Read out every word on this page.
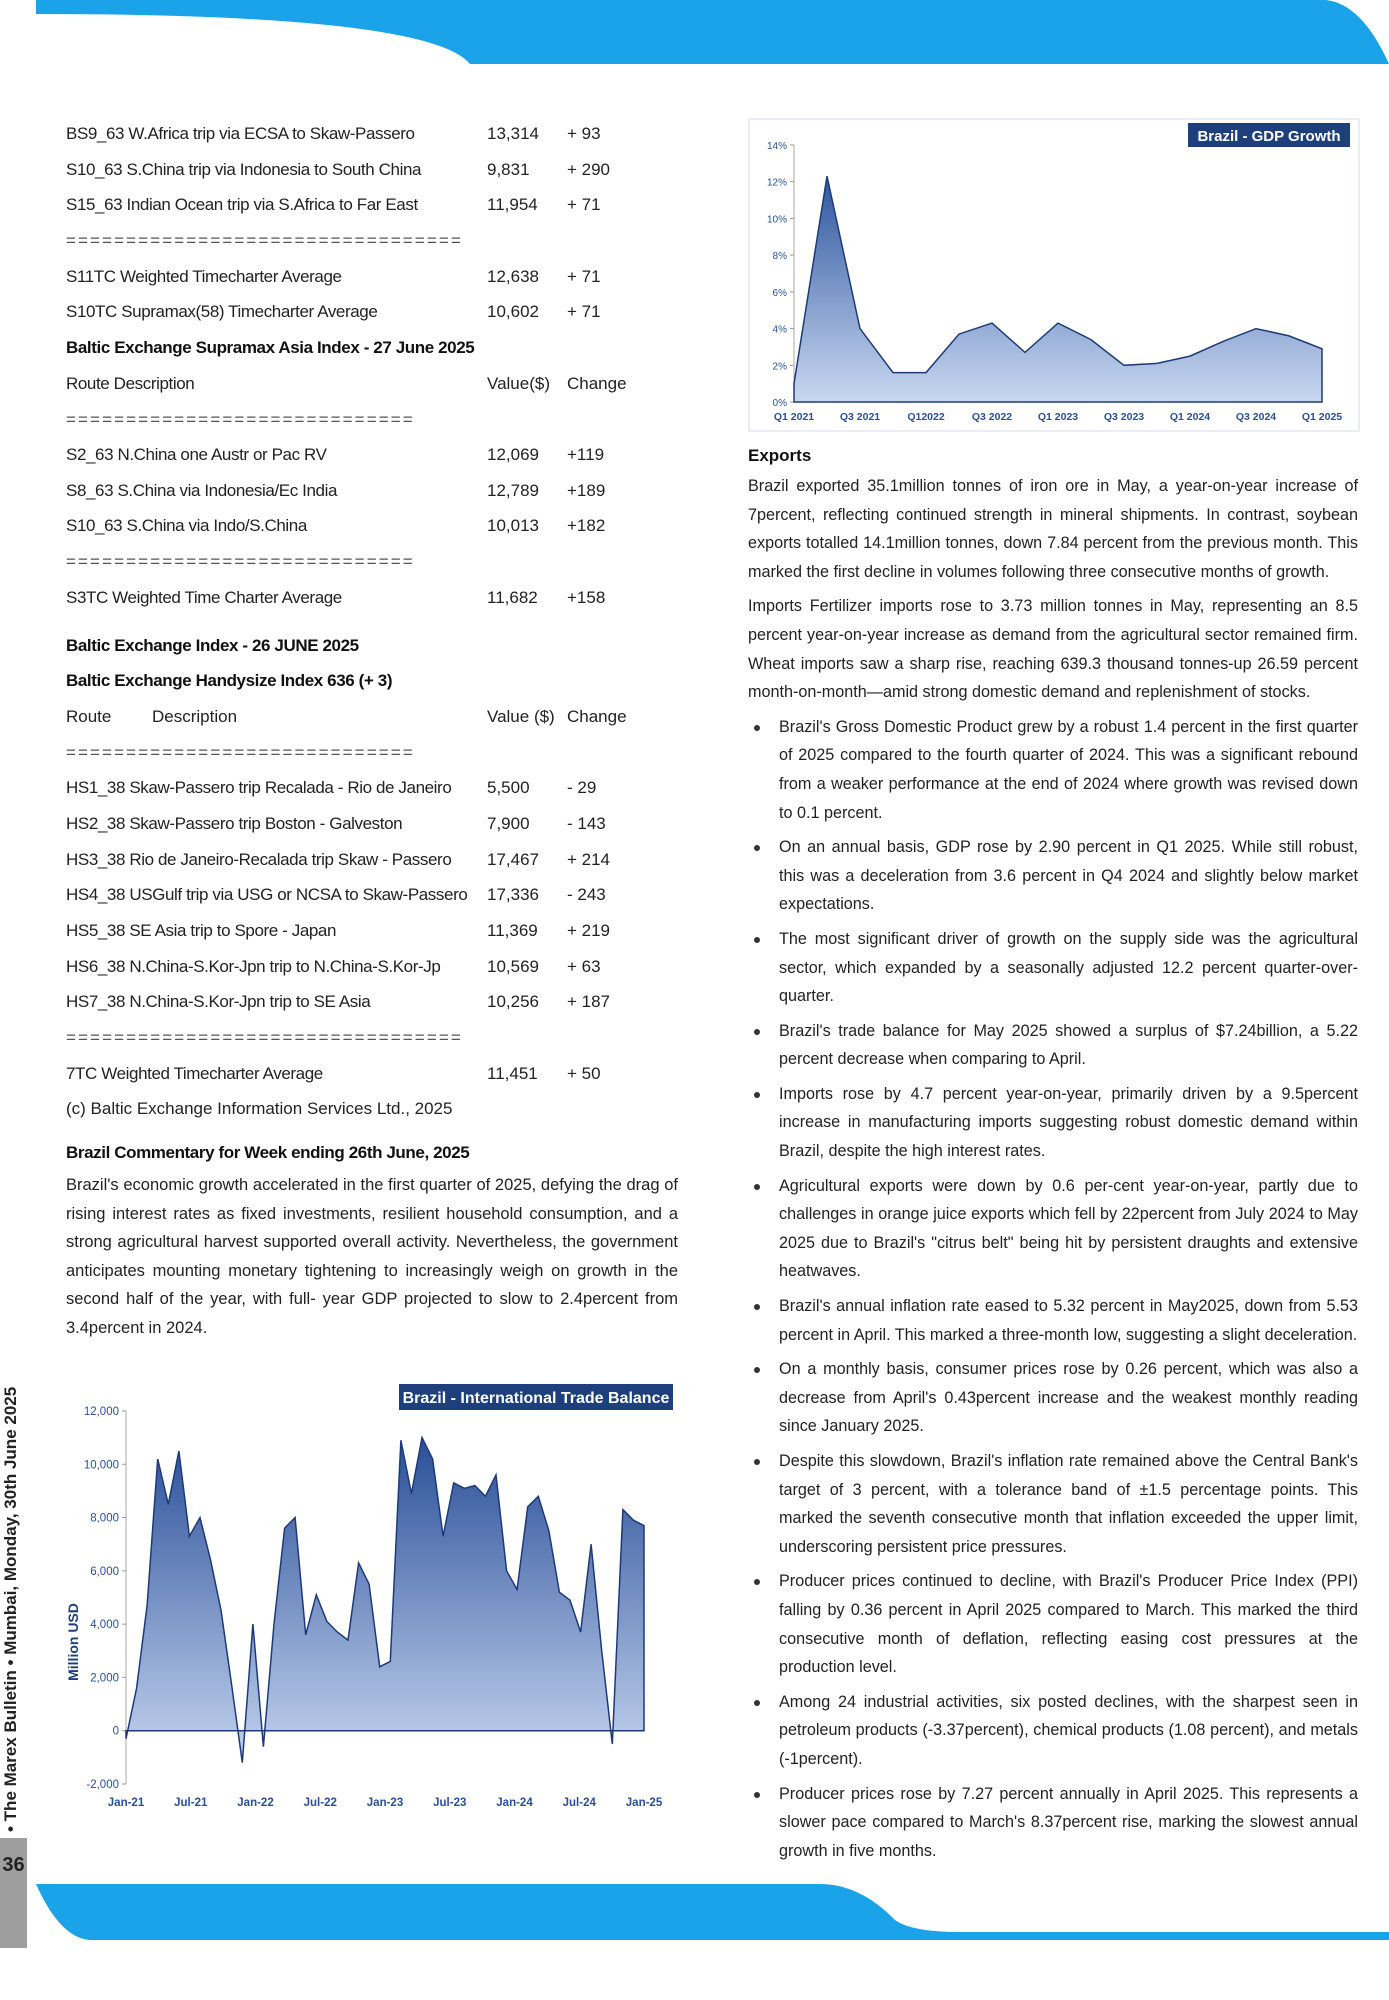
36
• The Marex Bulletin • Mumbai, Monday, 30th June 2025
BS9_63 W.Africa trip via ECSA to Skaw-Passero	13,314	+ 93
S10_63 S.China trip via Indonesia to South China	9,831	+ 290
S15_63 Indian Ocean trip via S.Africa to Far East	11,954	+ 71
=================================
S11TC Weighted Timecharter Average	12,638	+ 71
S10TC Supramax(58) Timecharter Average	10,602	+ 71
Baltic Exchange Supramax Asia Index - 27 June 2025
Route Description	Value($)	Change
=============================
S2_63 N.China one Austr or Pac RV	12,069	+119
S8_63 S.China via Indonesia/Ec India	12,789	+189
S10_63 S.China via Indo/S.China	10,013	+182
=============================
S3TC Weighted Time Charter Average	11,682	+158
Baltic Exchange Index - 26 JUNE 2025
Baltic Exchange Handysize Index 636 (+ 3)
Route	Description	Value ($) Change
=============================
HS1_38 Skaw-Passero trip Recalada - Rio de Janeiro	5,500	- 29
HS2_38 Skaw-Passero trip Boston - Galveston	7,900	- 143
HS3_38 Rio de Janeiro-Recalada trip Skaw - Passero	17,467	+ 214
HS4_38 USGulf trip via USG or NCSA to Skaw-Passero	17,336	- 243
HS5_38 SE Asia trip to Spore - Japan	11,369	+ 219
HS6_38 N.China-S.Kor-Jpn trip to N.China-S.Kor-Jp	10,569	+ 63
HS7_38 N.China-S.Kor-Jpn trip to SE Asia	10,256	+ 187
=================================
7TC Weighted Timecharter Average	11,451	+ 50
(c) Baltic Exchange Information Services Ltd., 2025
Brazil Commentary for Week ending 26th June, 2025

Brazil's economic growth accelerated in the first quarter of 2025, defying the drag of rising interest rates as fixed investments, resilient household consumption, and a strong agricultural harvest supported overall activity. Nevertheless, the government anticipates mounting monetary tightening to increasingly weigh on growth in the second half of the year, with full- year GDP projected to slow to 2.4percent from 3.4percent in 2024.

0%
2%
4%
6%
8%
10%
12%
14%
Q1 2021 Q3 2021	Q12022	Q3 2022 Q1 2023 Q3 2023 Q1 2024 Q3 2024 Q1 2025
Brazil - GDP Growth
-2,000
0
2,000
4,000
6,000
8,000
10,000
12,000
Jan-21	Jul-21	Jan-22	Jul-22	Jan-23	Jul-23	Jan-24	Jul-24	Jan-25
Million USD
Brazil - International Trade Balance

Exports

Brazil exported 35.1million tonnes of iron ore in May, a year-on-year increase of 7percent, reflecting continued strength in mineral shipments. In contrast, soybean exports totalled 14.1million tonnes, down 7.84 percent from the previous month. This marked the first decline in volumes following three consecutive months of growth.

Imports Fertilizer imports rose to 3.73 million tonnes in May, representing an 8.5 percent year-on-year increase as demand from the agricultural sector remained firm. Wheat imports saw a sharp rise, reaching 639.3 thousand tonnes-up 26.59 percent month-on-month—amid strong domestic demand and replenishment of stocks.

Brazil's Gross Domestic Product grew by a robust 1.4 percent in the first quarter of 2025 compared to the fourth quarter of 2024. This was a significant rebound from a weaker performance at the end of 2024 where growth was revised down to 0.1 percent.
On an annual basis, GDP rose by 2.90 percent in Q1 2025. While still robust, this was a deceleration from 3.6 percent in Q4 2024 and slightly below market expectations.
The most significant driver of growth on the supply side was the agricultural sector, which expanded by a seasonally adjusted 12.2 percent quarter-over-quarter.
Brazil's trade balance for May 2025 showed a surplus of $7.24billion, a 5.22 percent decrease when comparing to April.
Imports rose by 4.7 percent year-on-year, primarily driven by a 9.5percent increase in manufacturing imports suggesting robust domestic demand within Brazil, despite the high interest rates.
Agricultural exports were down by 0.6 per-cent year-on-year, partly due to challenges in orange juice exports which fell by 22percent from July 2024 to May 2025 due to Brazil's "citrus belt" being hit by persistent draughts and extensive heatwaves.
Brazil's annual inflation rate eased to 5.32 percent in May2025, down from 5.53 percent in April. This marked a three-month low, suggesting a slight deceleration.
On a monthly basis, consumer prices rose by 0.26 percent, which was also a decrease from April's 0.43percent increase and the weakest monthly reading since January 2025.
Despite this slowdown, Brazil's inflation rate remained above the Central Bank's target of 3 percent, with a tolerance band of ±1.5 percentage points. This marked the seventh consecutive month that inflation exceeded the upper limit, underscoring persistent price pressures.
Producer prices continued to decline, with Brazil's Producer Price Index (PPI) falling by 0.36 percent in April 2025 compared to March. This marked the third consecutive month of deflation, reflecting easing cost pressures at the production level.
Among 24 industrial activities, six posted declines, with the sharpest seen in petroleum products (-3.37percent), chemical products (1.08 percent), and metals (-1percent).
Producer prices rose by 7.27 percent annually in April 2025. This represents a slower pace compared to March's 8.37percent rise, marking the slowest annual growth in five months.
